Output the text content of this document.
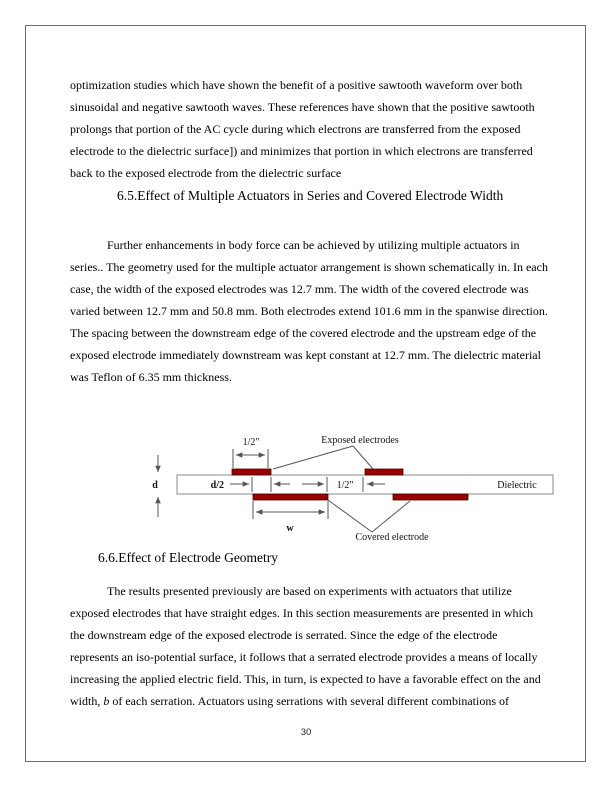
optimization studies which have shown the benefit of a positive sawtooth waveform over both sinusoidal and negative sawtooth waves. These references have shown that the positive sawtooth prolongs that portion of the AC cycle during which electrons are transferred from the exposed electrode to the dielectric surface]) and minimizes that portion in which electrons are transferred back to the exposed electrode from the dielectric surface

6.5.Effect of Multiple Actuators in Series and Covered Electrode Width

Further enhancements in body force can be achieved by utilizing multiple actuators in series.. The geometry used for the multiple actuator arrangement is shown schematically in. In each case, the width of the exposed electrodes was 12.7 mm. The width of the covered electrode was varied between 12.7 mm and 50.8 mm. Both electrodes extend 101.6 mm in the spanwise direction. The spacing between the downstream edge of the covered electrode and the upstream edge of the exposed electrode immediately downstream was kept constant at 12.7 mm. The dielectric material was Teflon of 6.35 mm thickness.

1/2"	Exposed electrodes
d	d/2	1/2"	Dielectric
w
Covered electrode
6.6.Effect of Electrode Geometry

The results presented previously are based on experiments with actuators that utilize exposed electrodes that have straight edges. In this section measurements are presented in which the downstream edge of the exposed electrode is serrated. Since the edge of the electrode represents an iso-potential surface, it follows that a serrated electrode provides a means of locally increasing the applied electric field. This, in turn, is expected to have a favorable effect on the and width, b of each serration. Actuators using serrations with several different combinations of

30
